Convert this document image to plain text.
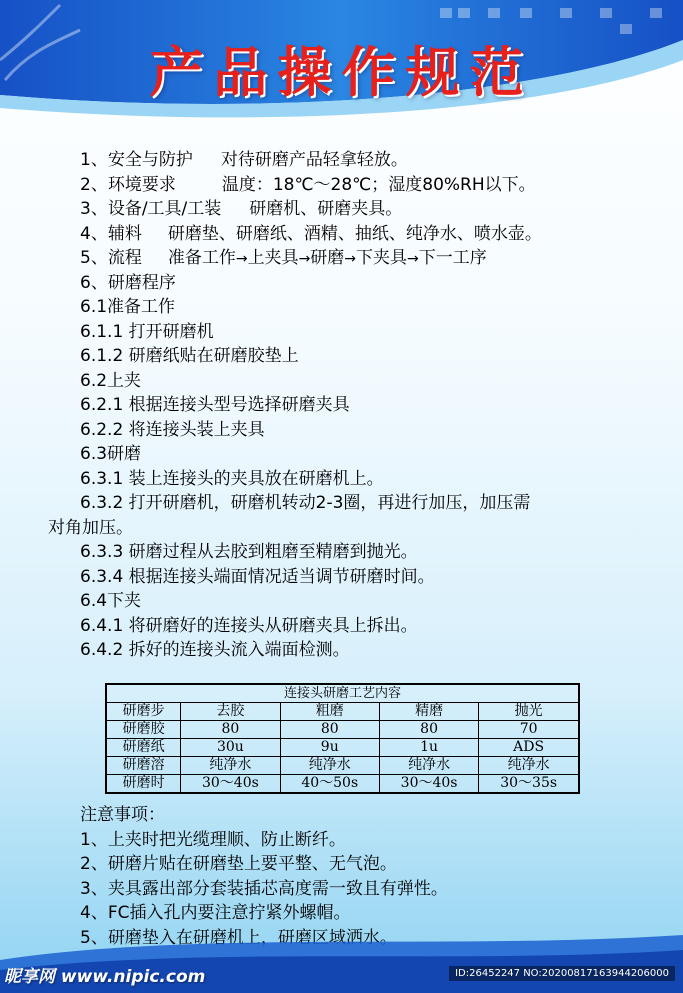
产品操作规范
1、安全与防护 对待研磨产品轻拿轻放。
2、环境要求	温度：18℃～28℃；湿度80%RH以下。
3、设备/工具/工装 研磨机、研磨夹具。
4、辅料 研磨垫、研磨纸、酒精、抽纸、纯净水、喷水壶。
5、流程 准备工作→上夹具→研磨→下夹具→下一工序
6、研磨程序
6.1准备工作
6.1.1 打开研磨机
6.1.2 研磨纸贴在研磨胶垫上
6.2上夹
6.2.1 根据连接头型号选择研磨夹具
6.2.2 将连接头装上夹具
6.3研磨
6.3.1 装上连接头的夹具放在研磨机上。
6.3.2 打开研磨机，研磨机转动2-3圈，再进行加压，加压需
对角加压。
6.3.3 研磨过程从去胶到粗磨至精磨到抛光。
6.3.4 根据连接头端面情况适当调节研磨时间。
6.4下夹
6.4.1 将研磨好的连接头从研磨夹具上拆出。
6.4.2 拆好的连接头流入端面检测。
连接头研磨工艺内容				
研磨步	去胶	粗磨	精磨	抛光
研磨胶	80	80	80	70
研磨纸	30u	9u	1u	ADS
研磨溶	纯净水	纯净水	纯净水	纯净水
研磨时	30～40s	40～50s	30～40s	30～35s
注意事项：
1、上夹时把光缆理顺、防止断纤。
2、研磨片贴在研磨垫上要平整、无气泡。
3、夹具露出部分套装插芯高度需一致且有弹性。
4、FC插入孔内要注意拧紧外螺帽。
5、研磨垫入在研磨机上，研磨区域洒水。
昵享网 www.nipic.com	ID:26452247 NO:20200817163944206000
